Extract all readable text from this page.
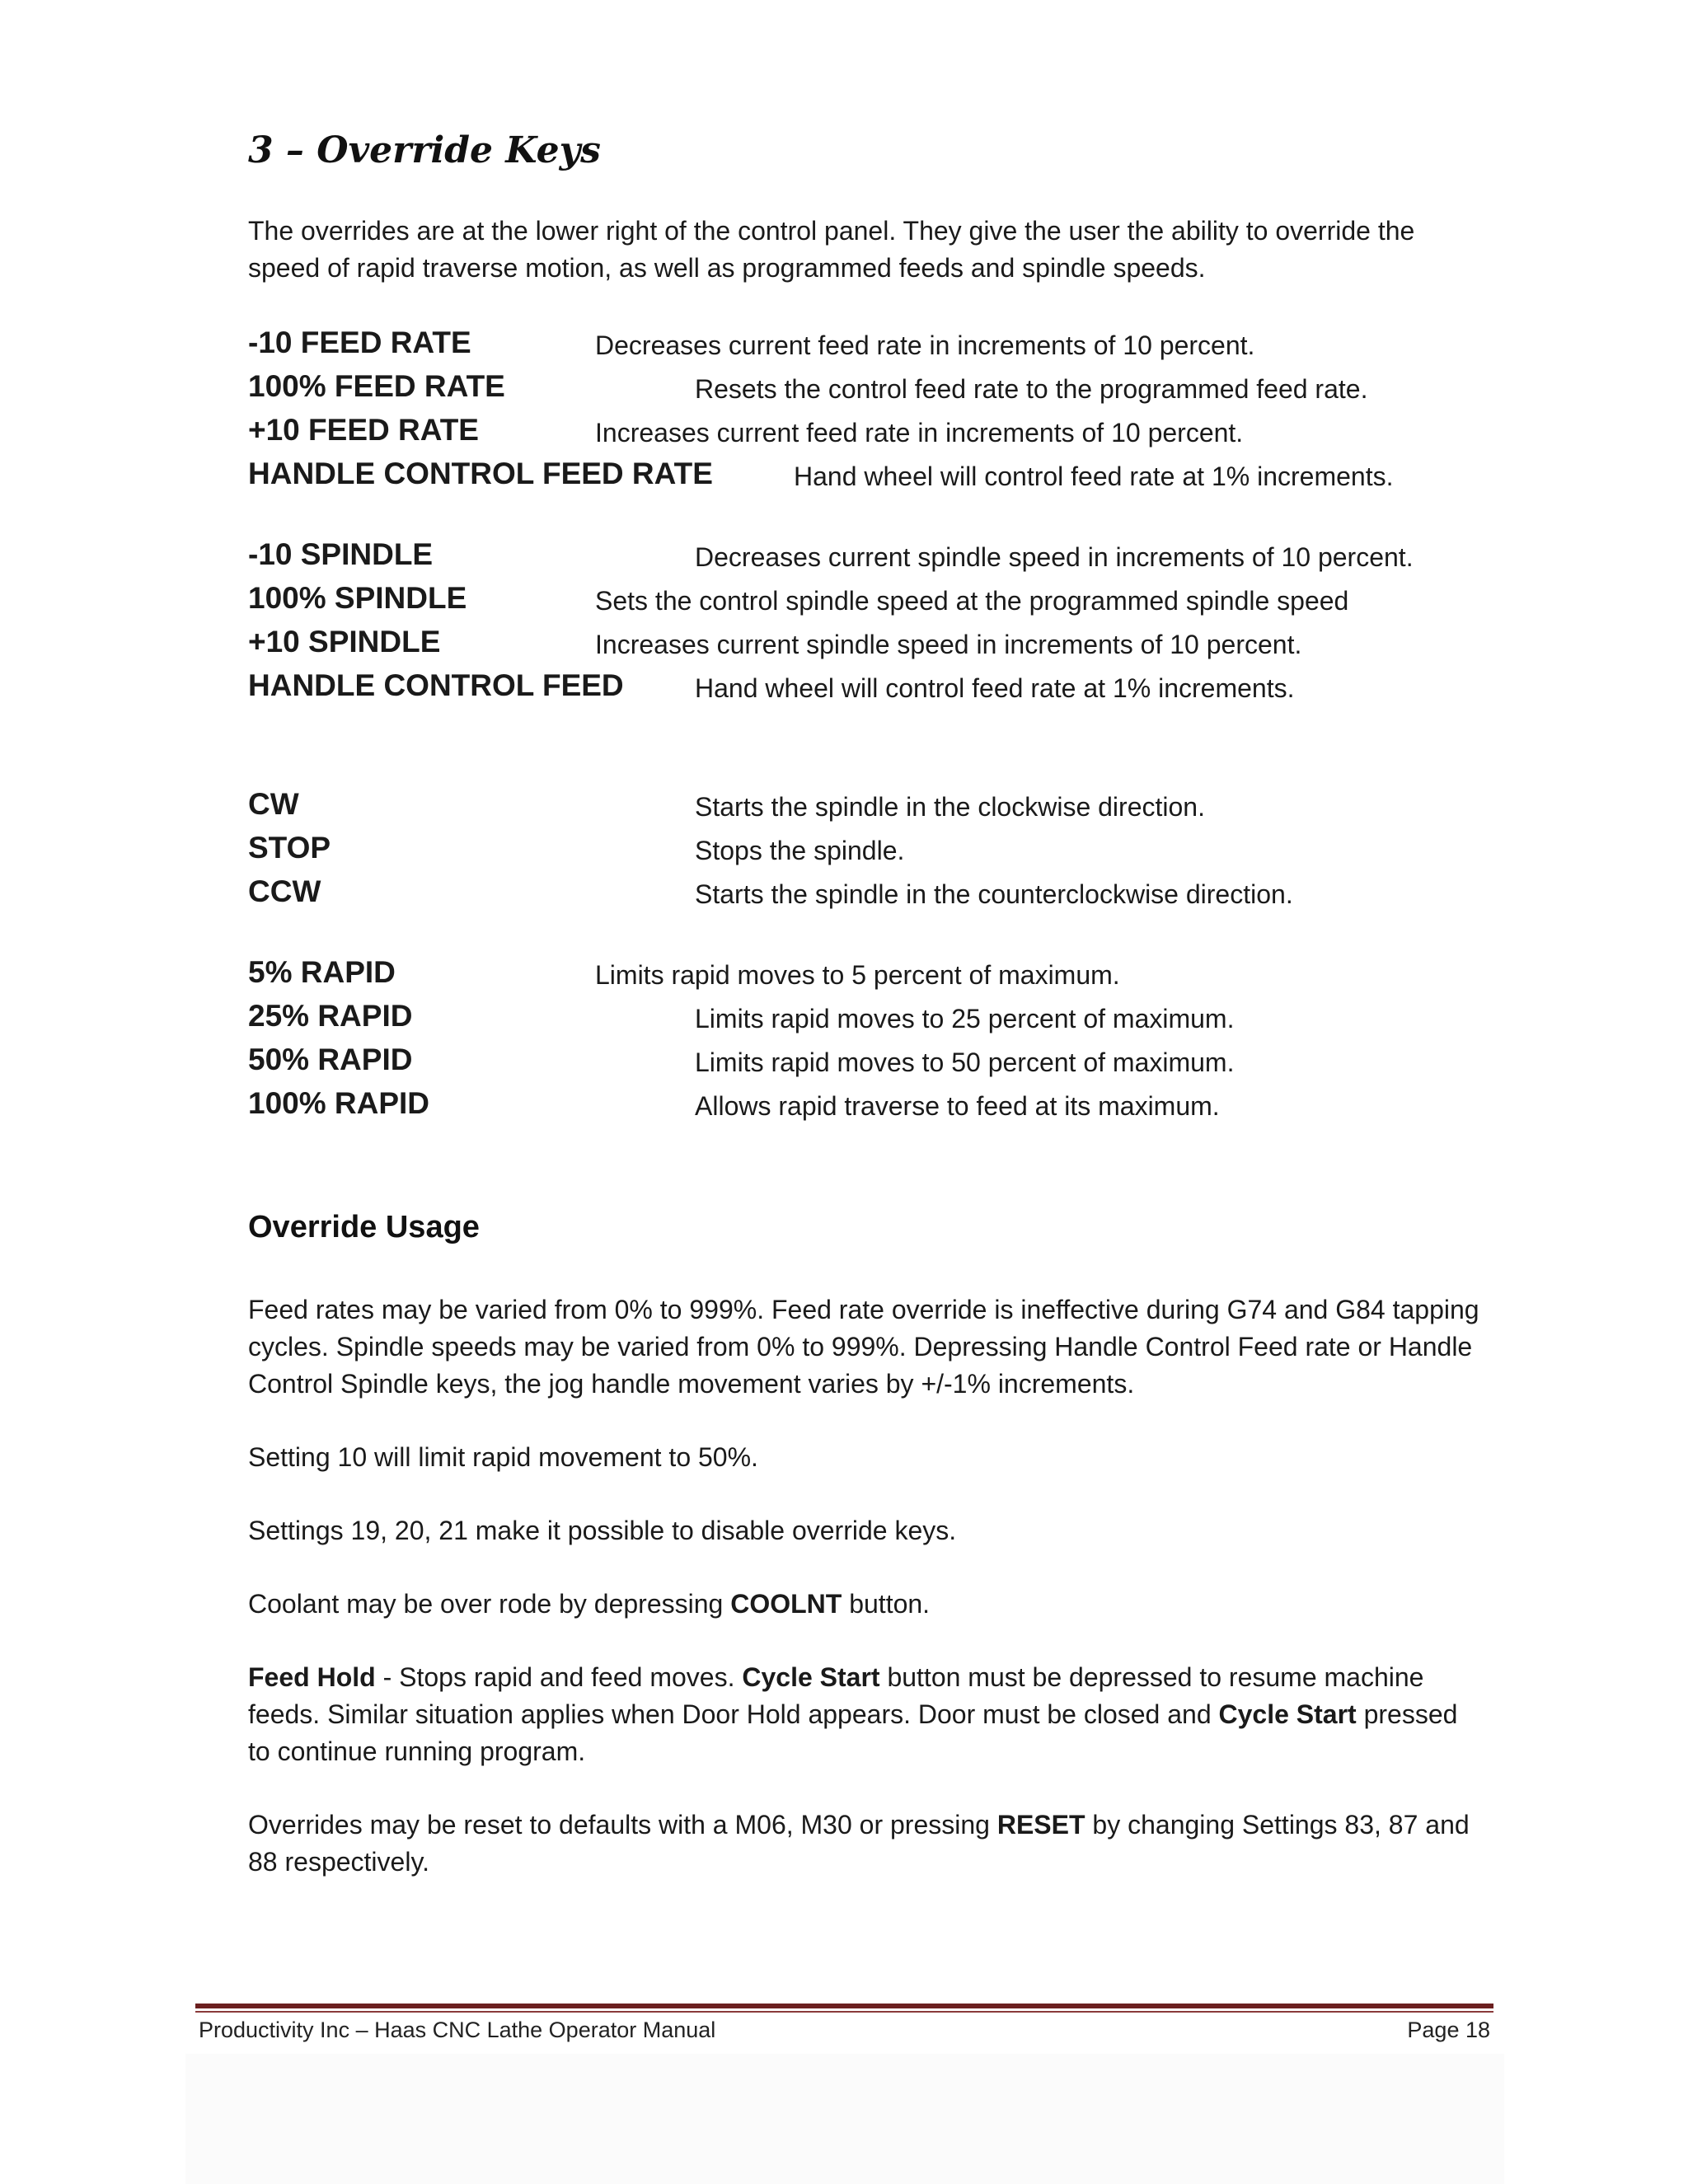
3 – Override Keys

The overrides are at the lower right of the control panel. They give the user the ability to override the speed of rapid traverse motion, as well as programmed feeds and spindle speeds.

-10 FEED RATE	Decreases current feed rate in increments of 10 percent.
100% FEED RATE	Resets the control feed rate to the programmed feed rate.
+10 FEED RATE	Increases current feed rate in increments of 10 percent.
HANDLE CONTROL FEED RATE	Hand wheel will control feed rate at 1% increments.
-10 SPINDLE	Decreases current spindle speed in increments of 10 percent.
100% SPINDLE	Sets the control spindle speed at the programmed spindle speed
+10 SPINDLE	Increases current spindle speed in increments of 10 percent.
HANDLE CONTROL FEED	Hand wheel will control feed rate at 1% increments.
CW	Starts the spindle in the clockwise direction.
STOP	Stops the spindle.
CCW	Starts the spindle in the counterclockwise direction.
5% RAPID	Limits rapid moves to 5 percent of maximum.
25% RAPID	Limits rapid moves to 25 percent of maximum.
50% RAPID	Limits rapid moves to 50 percent of maximum.
100% RAPID	Allows rapid traverse to feed at its maximum.
Override Usage

Feed rates may be varied from 0% to 999%. Feed rate override is ineffective during G74 and G84 tapping cycles. Spindle speeds may be varied from 0% to 999%. Depressing Handle Control Feed rate or Handle Control Spindle keys, the jog handle movement varies by +/-1% increments.

Setting 10 will limit rapid movement to 50%.

Settings 19, 20, 21 make it possible to disable override keys.

Coolant may be over rode by depressing COOLNT button.

Feed Hold - Stops rapid and feed moves. Cycle Start button must be depressed to resume machine feeds. Similar situation applies when Door Hold appears. Door must be closed and Cycle Start pressed to continue running program.

Overrides may be reset to defaults with a M06, M30 or pressing RESET by changing Settings 83, 87 and 88 respectively.

Productivity Inc – Haas CNC Lathe Operator Manual	Page 18
